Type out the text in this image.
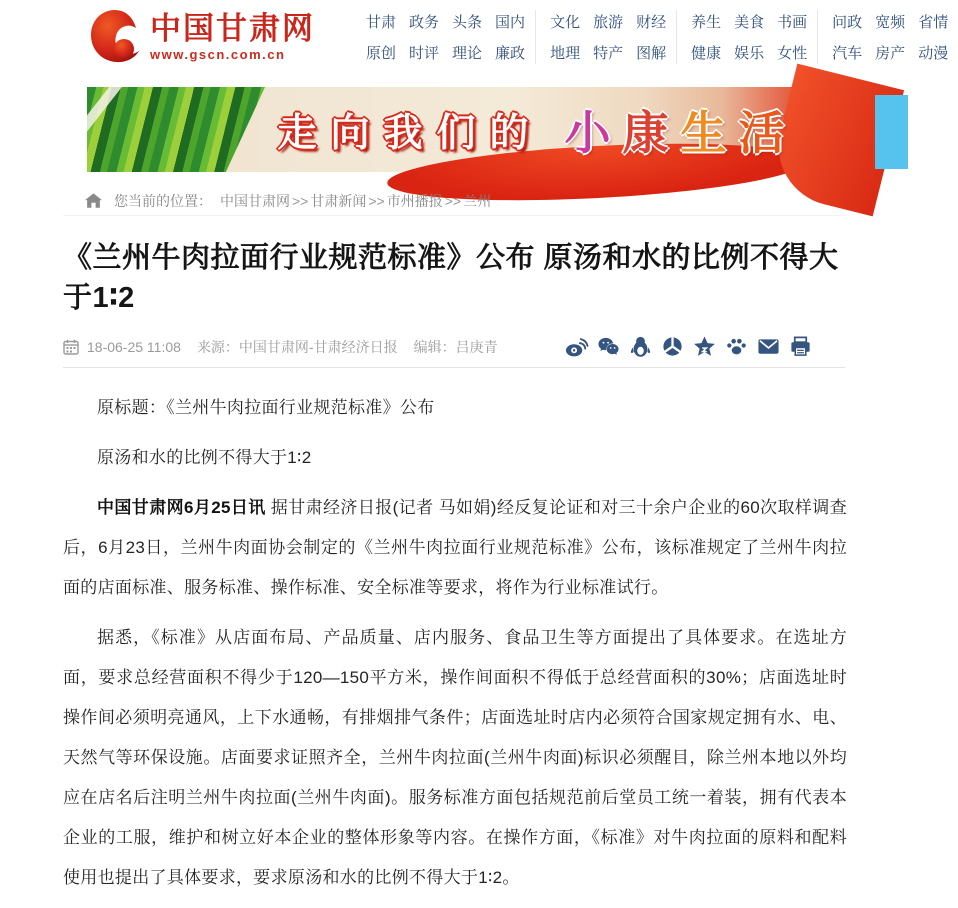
中国甘肃网
www.gscn.com.cn
甘肃 政务 头条 国内
原创 时评 理论 廉政
文化 旅游 财经
地理 特产 图解
养生 美食 书画
健康 娱乐 女性
问政 宽频 省情
汽车 房产 动漫
走向我们的 小康生活
您当前的位置： 中国甘肃网 >> 甘肃新闻 >> 市州播报 >> 兰州
《兰州牛肉拉面行业规范标准》公布 原汤和水的比例不得大于1∶2
18-06-25 11:08 来源：中国甘肃网-甘肃经济日报 编辑：吕庚青

原标题：《兰州牛肉拉面行业规范标准》公布

原汤和水的比例不得大于1∶2

中国甘肃网6月25日讯 据甘肃经济日报(记者 马如娟)经反复论证和对三十余户企业的60次取样调查后，6月23日，兰州牛肉面协会制定的《兰州牛肉拉面行业规范标准》公布，该标准规定了兰州牛肉拉面的店面标准、服务标准、操作标准、安全标准等要求，将作为行业标准试行。

据悉，《标准》从店面布局、产品质量、店内服务、食品卫生等方面提出了具体要求。在选址方面，要求总经营面积不得少于120—150平方米，操作间面积不得低于总经营面积的30%；店面选址时操作间必须明亮通风，上下水通畅，有排烟排气条件；店面选址时店内必须符合国家规定拥有水、电、天然气等环保设施。店面要求证照齐全，兰州牛肉拉面(兰州牛肉面)标识必须醒目，除兰州本地以外均应在店名后注明兰州牛肉拉面(兰州牛肉面)。服务标准方面包括规范前后堂员工统一着装，拥有代表本企业的工服，维护和树立好本企业的整体形象等内容。在操作方面，《标准》对牛肉拉面的原料和配料使用也提出了具体要求，要求原汤和水的比例不得大于1∶2。
